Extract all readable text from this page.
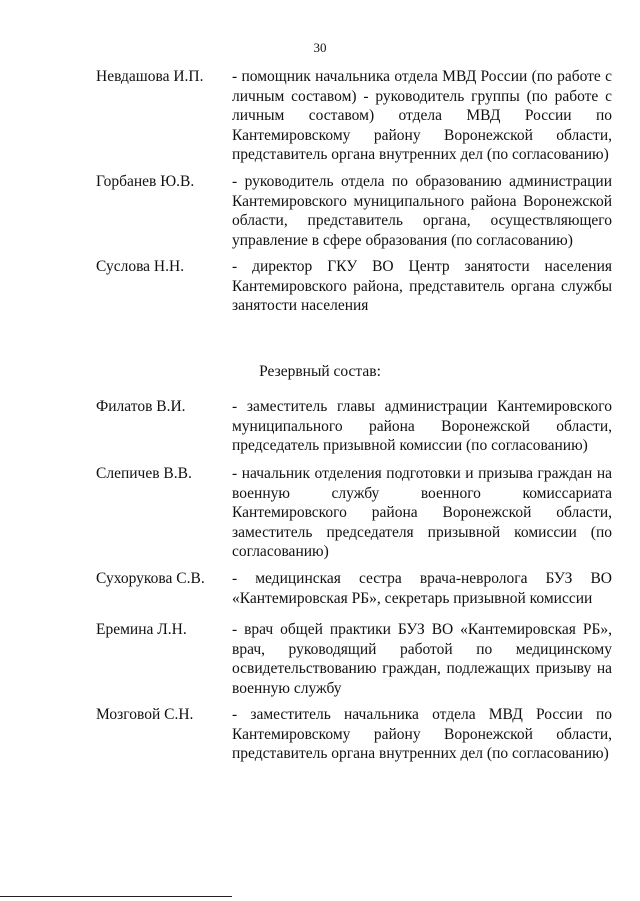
30
Невдашова И.П.	- помощник начальника отдела МВД России (по работе с личным составом) - руководитель группы (по работе с личным составом) отдела МВД России по Кантемировскому району Воронежской области, представитель органа внутренних дел (по согласованию)
Горбанев Ю.В.	- руководитель отдела по образованию администрации Кантемировского муниципального района Воронежской области, представитель органа, осуществляющего управление в сфере образования (по согласованию)
Суслова Н.Н.	- директор ГКУ ВО Центр занятости населения Кантемировского района, представитель органа службы занятости населения
Резервный состав:
Филатов В.И.	- заместитель главы администрации Кантемировского муниципального района Воронежской области, председатель призывной комиссии (по согласованию)
Слепичев В.В.	- начальник отделения подготовки и призыва граждан на военную службу военного комиссариата Кантемировского района Воронежской области, заместитель председателя призывной комиссии (по согласованию)
Сухорукова С.В.	- медицинская сестра врача-невролога БУЗ ВО «Кантемировская РБ», секретарь призывной комиссии
Еремина Л.Н.	- врач общей практики БУЗ ВО «Кантемировская РБ», врач, руководящий работой по медицинскому освидетельствованию граждан, подлежащих призыву на военную службу
Мозговой С.Н.	- заместитель начальника отдела МВД России по Кантемировскому району Воронежской области, представитель органа внутренних дел (по согласованию)
